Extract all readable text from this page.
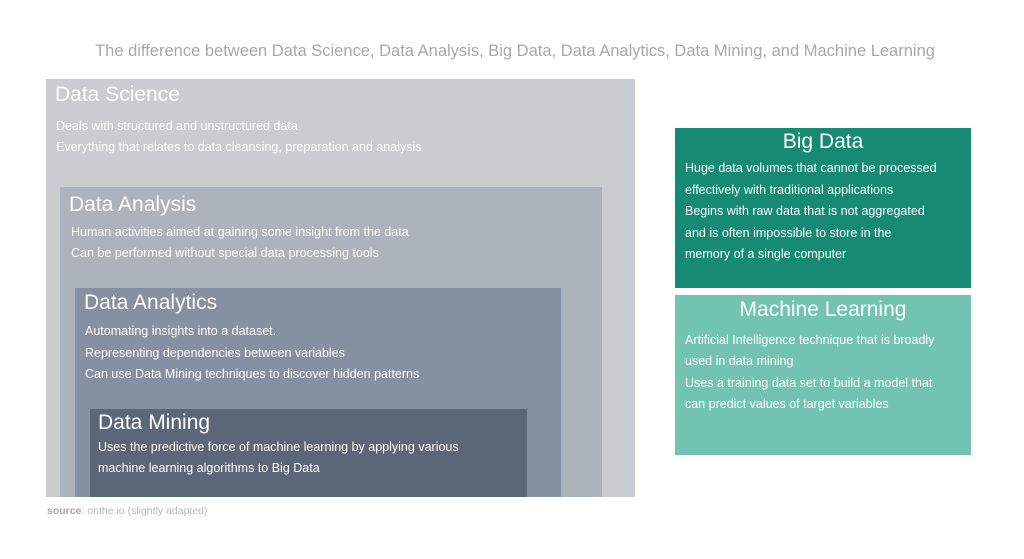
The difference between Data Science, Data Analysis, Big Data, Data Analytics, Data Mining, and Machine Learning
Data Science
Deals with structured and unstructured data
Everything that relates to data cleansing, preparation and analysis
Data Analysis
Human activities aimed at gaining some insight from the data
Can be performed without special data processing tools
Data Analytics
Automating insights into a dataset.
Representing dependencies between variables
Can use Data Mining techniques to discover hidden patterns
Data Mining
Uses the predictive force of machine learning by applying various
machine learning algorithms to Big Data
Big Data
Huge data volumes that cannot be processed
effectively with traditional applications
Begins with raw data that is not aggregated
and is often impossible to store in the
memory of a single computer
Machine Learning
Artificial Intelligence technique that is broadly
used in data mining
Uses a training data set to build a model that
can predict values of target variables
source: onthe.io (slightly adapted)
